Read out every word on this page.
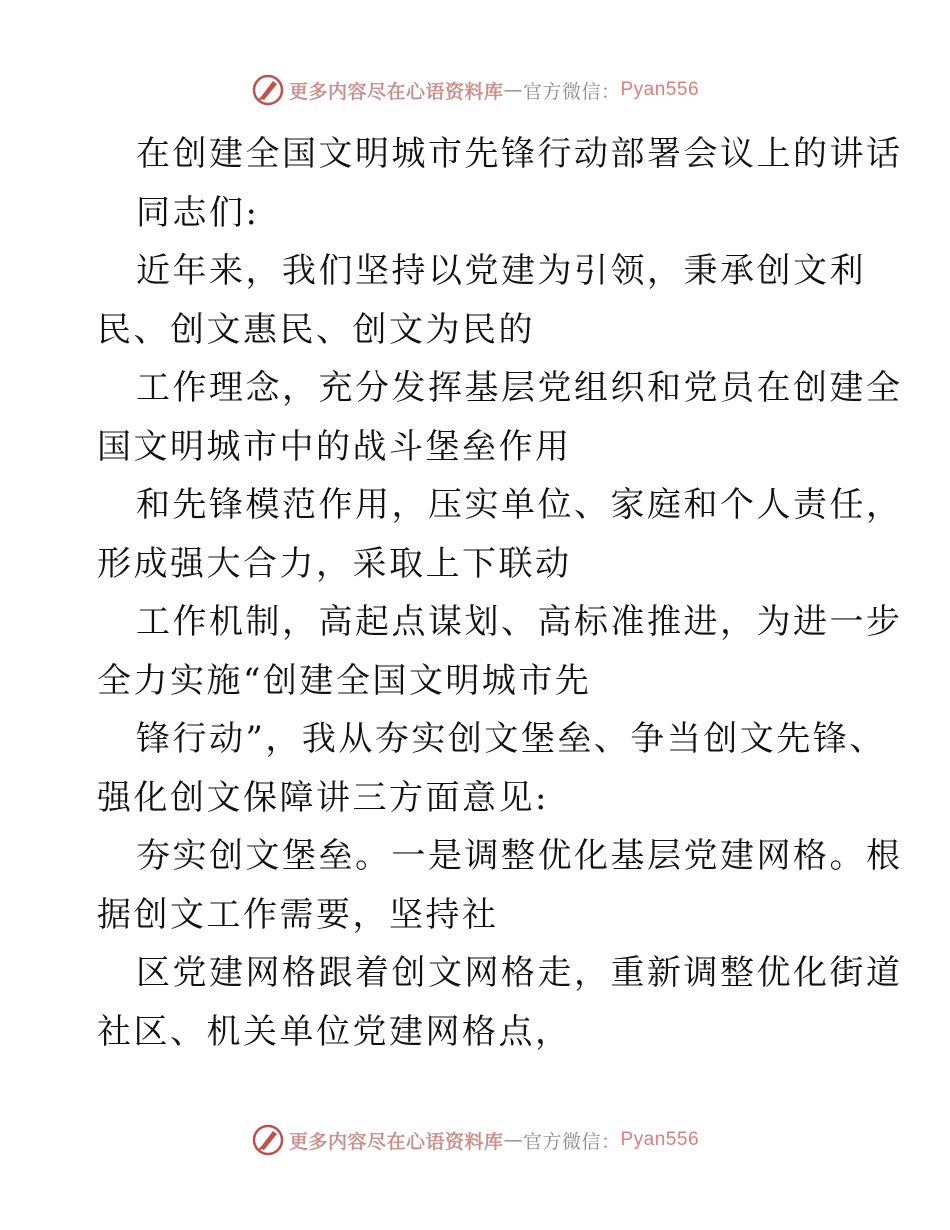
更多内容尽在心语资料库 — 官方微信： Pyan556
在创建全国文明城市先锋行动部署会议上的讲话
同志们:
近年来，我们坚持以党建为引领，秉承创文利
民、创文惠民、创文为民的
工作理念，充分发挥基层党组织和党员在创建全
国文明城市中的战斗堡垒作用
和先锋模范作用，压实单位、家庭和个人责任，
形成强大合力，采取上下联动
工作机制，高起点谋划、高标准推进，为进一步
全力实施“创建全国文明城市先
锋行动”，我从夯实创文堡垒、争当创文先锋、
强化创文保障讲三方面意见:
夯实创文堡垒。一是调整优化基层党建网格。根
据创文工作需要，坚持社
区党建网格跟着创文网格走，重新调整优化街道
社区、机关单位党建网格点，
更多内容尽在心语资料库 — 官方微信： Pyan556
